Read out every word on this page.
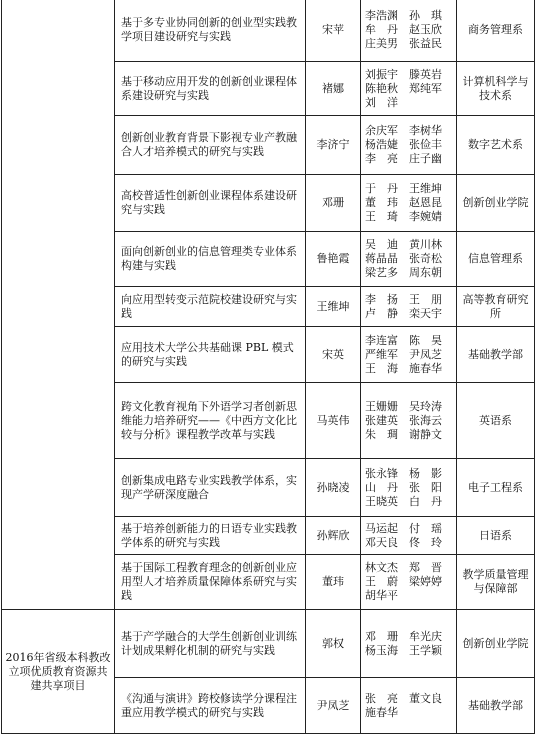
	基于多专业协同创新的创业型实践教学项目建设研究与实践	宋苹	李浩渊　孙　琪
牟　丹　赵玉欣
庄美男　张益民	商务管理系
	基于移动应用开发的创新创业课程体系建设研究与实践	褚娜	刘振宇　滕英岩
陈艳秋　郑纯军
刘　洋	计算机科学与技术系
	创新创业教育背景下影视专业产教融合人才培养模式的研究与实践	李济宁	余庆军　李树华
杨浩婕　张俭丰
李　亮　庄子幽	数字艺术系
	高校普适性创新创业课程体系建设研究与实践	邓珊	于　丹　王维坤
董　玮　赵恩昆
王　琦　李婉婧	创新创业学院
	面向创新创业的信息管理类专业体系构建与实践	鲁艳霞	吴　迪　黄川林
蒋晶晶　张奇松
梁艺多　周东朝	信息管理系
	向应用型转变示范院校建设研究与实践	王维坤	李　扬　王　朋
卢　静　栾天宇	高等教育研究所
	应用技术大学公共基础课 PBL 模式的研究与实践	宋英	李连富　陈　昊
严维军　尹凤芝
王　海　施春华	基础教学部
	跨文化教育视角下外语学习者创新思维能力培养研究——《中西方文化比较与分析》课程教学改革与实践	马英伟	王姗姗　吴玲涛
张建英　张海云
朱　琱　谢静文	英语系
	创新集成电路专业实践教学体系，实现产学研深度融合	孙晓凌	张永锋　杨　影
山　丹　张　阳
王晓英　白　丹	电子工程系
	基于培养创新能力的日语专业实践教学体系的研究与实践	孙辉欣	马运起　付　瑶
邓天良　佟　玲	日语系
	基于国际工程教育理念的创新创业应用型人才培养质量保障体系研究与实践	董玮	林文杰　郑　晋
王　蔚　梁婷婷
胡华平	教学质量管理与保障部
2016年省级本科教改立项优质教育资源共建共享项目	基于产学融合的大学生创新创业训练计划成果孵化机制的研究与实践	郭权	邓　珊　牟光庆
杨玉海　王学颖	创新创业学院
	《沟通与演讲》跨校修读学分课程注重应用教学模式的研究与实践	尹凤芝	张　亮　董文良
施春华	基础教学部
